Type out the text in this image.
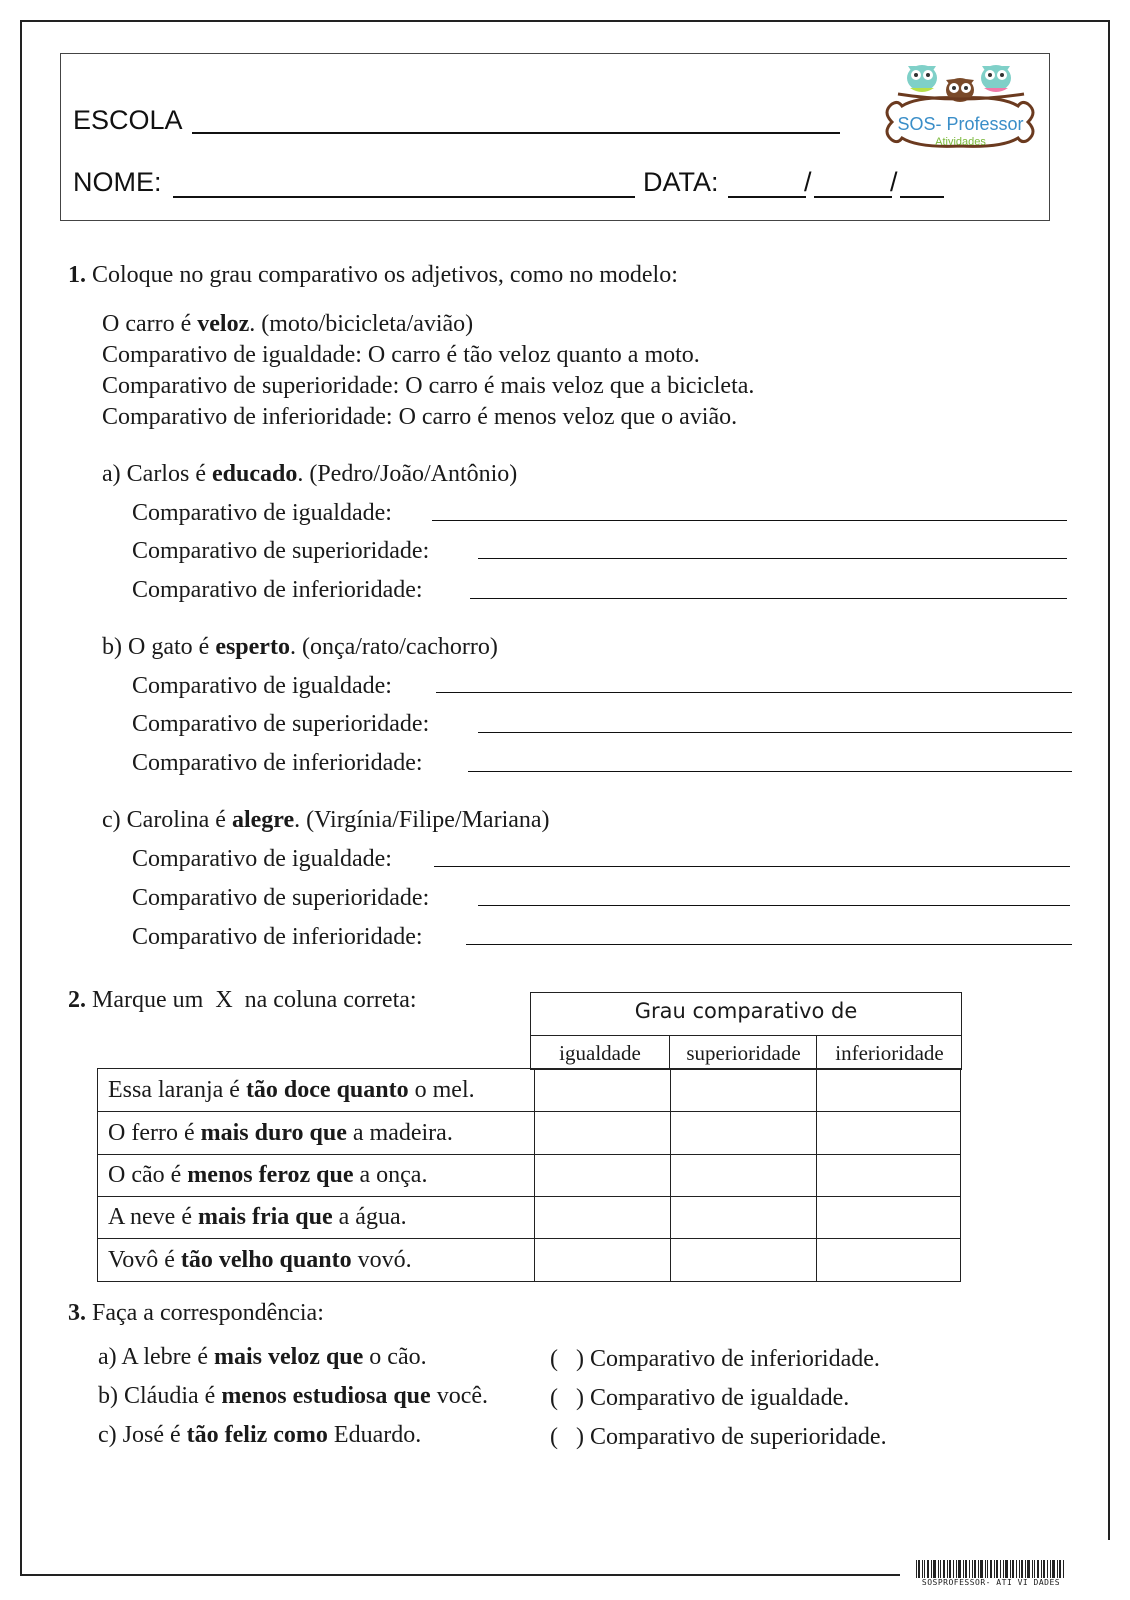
ESCOLA
NOME:	DATA:	/	/
SOS- Professor
Atividades
1. Coloque no grau comparativo os adjetivos, como no modelo:
O carro é veloz. (moto/bicicleta/avião)
Comparativo de igualdade: O carro é tão veloz quanto a moto.
Comparativo de superioridade: O carro é mais veloz que a bicicleta.
Comparativo de inferioridade: O carro é menos veloz que o avião.
a) Carlos é educado. (Pedro/João/Antônio)
Comparativo de igualdade:
Comparativo de superioridade:
Comparativo de inferioridade:
b) O gato é esperto. (onça/rato/cachorro)
Comparativo de igualdade:
Comparativo de superioridade:
Comparativo de inferioridade:
c) Carolina é alegre. (Virgínia/Filipe/Mariana)
Comparativo de igualdade:
Comparativo de superioridade:
Comparativo de inferioridade:
2. Marque um X na coluna correta:	Grau comparativo de
igualdade	superioridade	inferioridade
Essa laranja é tão doce quanto o mel.			
O ferro é mais duro que a madeira.			
O cão é menos feroz que a onça.			
A neve é mais fria que a água.			
Vovô é tão velho quanto vovó.			
3. Faça a correspondência:
a) A lebre é mais veloz que o cão.
b) Cláudia é menos estudiosa que você.
c) José é tão feliz como Eduardo.
(   ) Comparativo de inferioridade.
(   ) Comparativo de igualdade.
(   ) Comparativo de superioridade.
SOSPROFESSOR- ATI VI DADES
